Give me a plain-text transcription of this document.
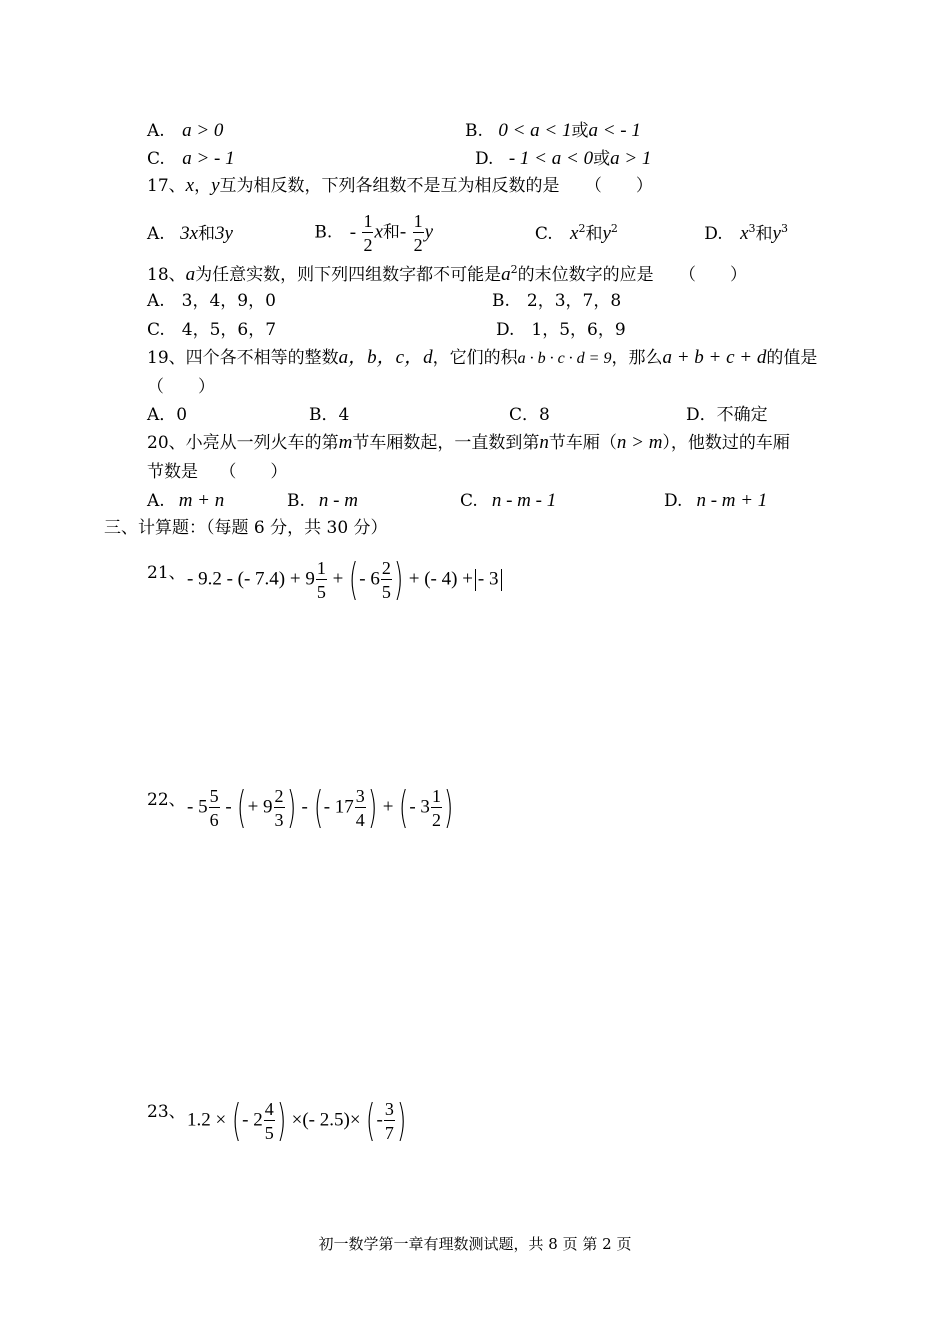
A. a > 0	B. 0 < a < 1或a < - 1
C. a > - 1	D. - 1 < a < 0或a > 1
17、x，y互为相反数，下列各组数不是互为相反数的是 （　　）
A. 3x和3y	B. - $\frac{1}{2}$ x和- $\frac{1}{2}$ y	C. $x^2$和$y^2$	D. $x^3$和$y^3$
18、a为任意实数，则下列四组数字都不可能是$a^2$的末位数字的应是 （　　）
A.　3，4，9，0	B.　2，3，7，8
C.　4，5，6，7	D.　1，5，6，9
19、四个各不相等的整数a，b，c，d，它们的积a · b · c · d = 9，那么a + b + c + d的值是
（　　）
A．0	B．4	C．8	D．不确定
20、小亮从一列火车的第m节车厢数起，一直数到第n节车厢（n > m），他数过的车厢
节数是 （　　）
A. m + n	B. n - m	C. n - m - 1	D. n - m + 1
三、计算题：（每题 6 分，共 30 分）
21、 - 9.2 - (- $7.4) + 9 \frac{1}{5}$ + (- $6 \frac{2}{5}$ ) + (- 4) + - 3
22、 - $5 \frac{5}{6}$ - (+ $9 \frac{2}{3}$ ) - (- $17 \frac{3}{4}$ ) + (- $3 \frac{1}{2}$ )
23、 1.2 × (- $2 \frac{4}{5}$ ) ×(- 2.5)× (- $\frac{3}{7}$ )
初一数学第一章有理数测试题，共 8 页 第 2 页
